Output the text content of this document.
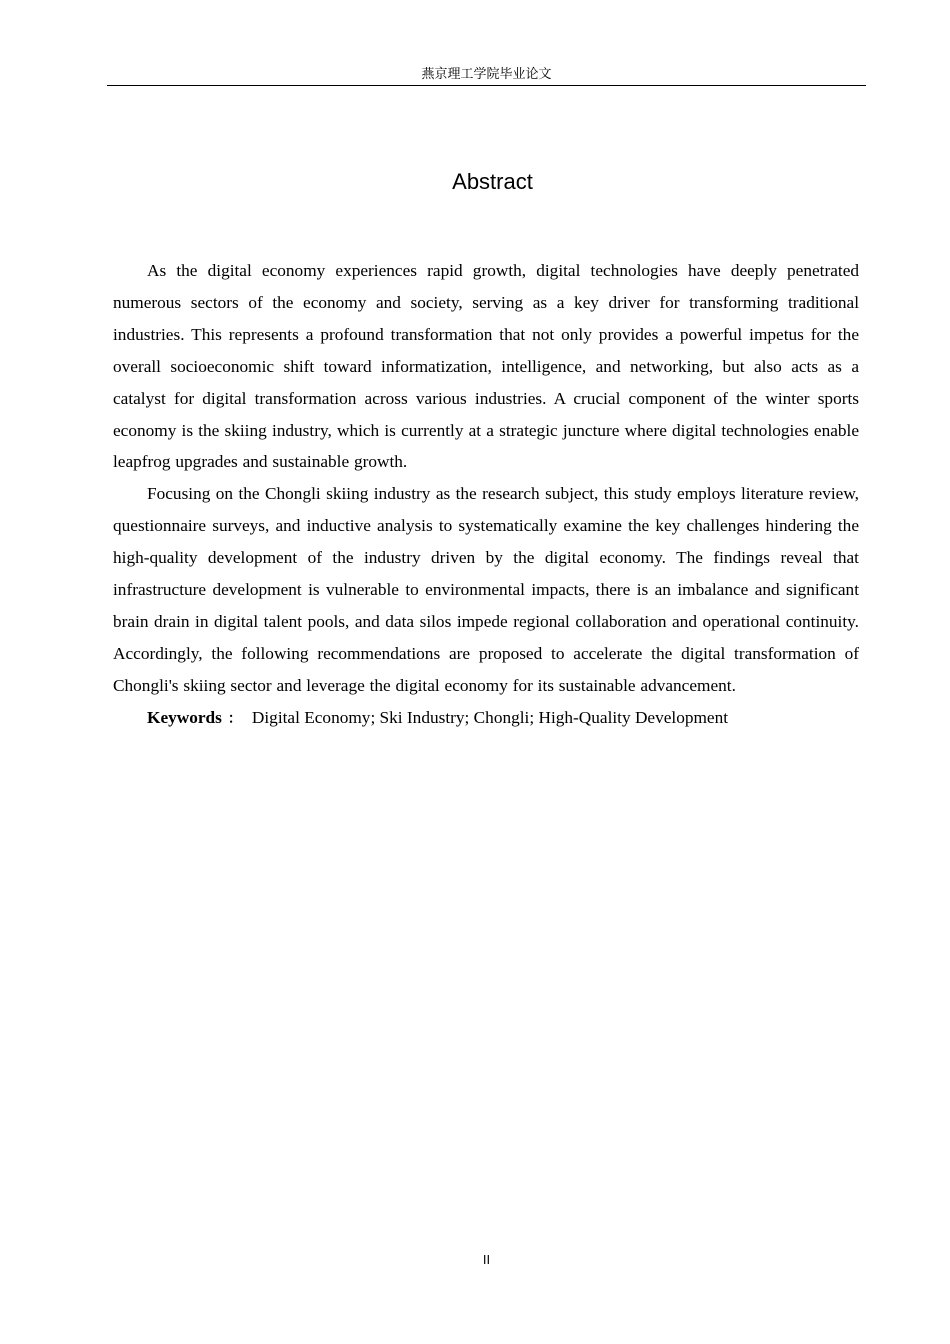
燕京理工学院毕业论文
Abstract

As the digital economy experiences rapid growth, digital technologies have deeply penetrated numerous sectors of the economy and society, serving as a key driver for transforming traditional industries. This represents a profound transformation that not only provides a powerful impetus for the overall socioeconomic shift toward informatization, intelligence, and networking, but also acts as a catalyst for digital transformation across various industries. A crucial component of the winter sports economy is the skiing industry, which is currently at a strategic juncture where digital technologies enable leapfrog upgrades and sustainable growth.

Focusing on the Chongli skiing industry as the research subject, this study employs literature review, questionnaire surveys, and inductive analysis to systematically examine the key challenges hindering the high-quality development of the industry driven by the digital economy. The findings reveal that infrastructure development is vulnerable to environmental impacts, there is an imbalance and significant brain drain in digital talent pools, and data silos impede regional collaboration and operational continuity. Accordingly, the following recommendations are proposed to accelerate the digital transformation of Chongli's skiing sector and leverage the digital economy for its sustainable advancement.

Keywords ： Digital Economy; Ski Industry; Chongli; High-Quality Development

II
